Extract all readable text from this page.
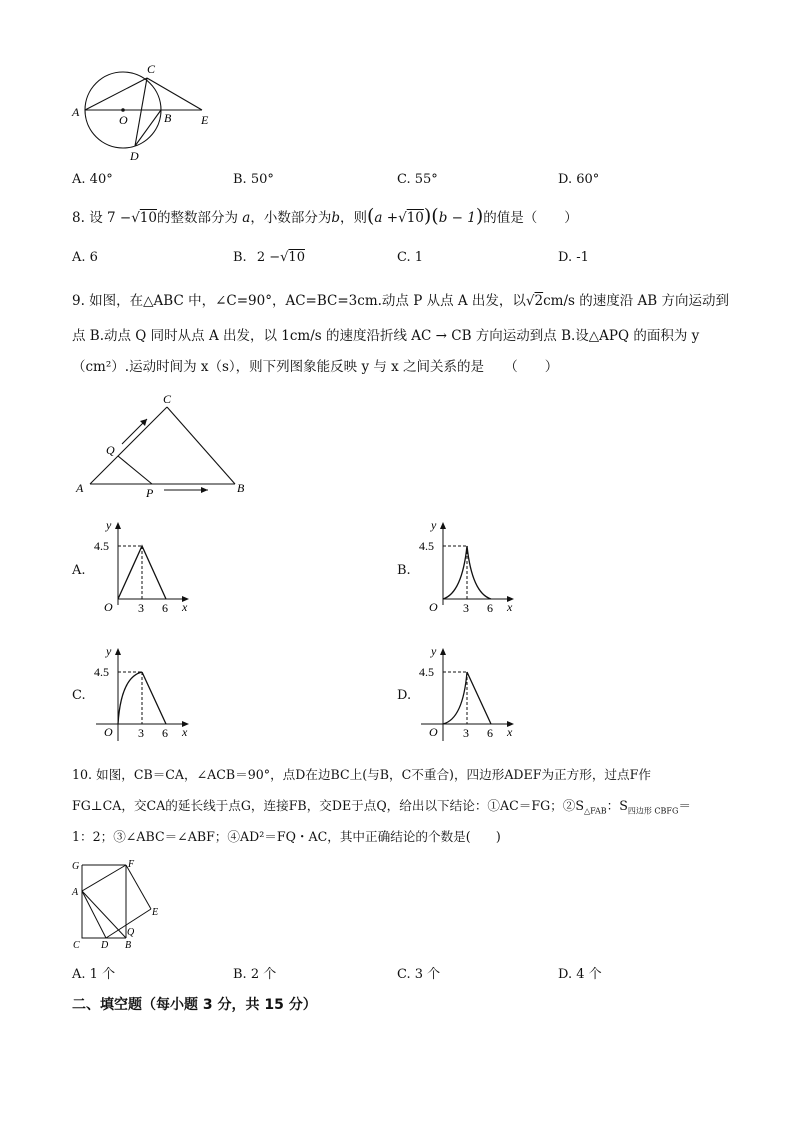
A
O	B
C
D
E
A. 40°	B. 50°	C. 55°	D. 60°
8. 设 7 −√10的整数部分为 a，小数部分为b，则(a +√10)(b − 1)的值是（　　）
A. 6	B. 2 −√10	C. 1	D. -1
9. 如图，在△ABC 中，∠C=90°，AC=BC=3cm.动点 P 从点 A 出发，以√2cm/s 的速度沿 AB 方向运动到
点 B.动点 Q 同时从点 A 出发，以 1cm/s 的速度沿折线 AC → CB 方向运动到点 B.设△APQ 的面积为 y
（cm²）.运动时间为 x（s），则下列图象能反映 y 与 x 之间关系的是　　（　　）
A	B
C
P
Q
A.	B.
C.	D.
y
x
O
4.5
3 6
y
x
O
4.5
3 6
y
x
O
4.5
3 6
y
x
O
4.5
3 6
10. 如图，CB＝CA，∠ACB＝90°，点D在边BC上(与B，C不重合)，四边形ADEF为正方形，过点F作
FG⊥CA，交CA的延长线于点G，连接FB，交DE于点Q，给出以下结论：①AC＝FG；$②S_{\triangle FAB}$：$S_{四边形 CBFG}=$
1：2；③∠ABC＝∠ABF；④AD²＝FQ・AC，其中正确结论的个数是(　　)
G	F
A
E
C D B
Q
A. 1 个	B. 2 个	C. 3 个	D. 4 个
二、填空题（每小题 3 分，共 15 分）
